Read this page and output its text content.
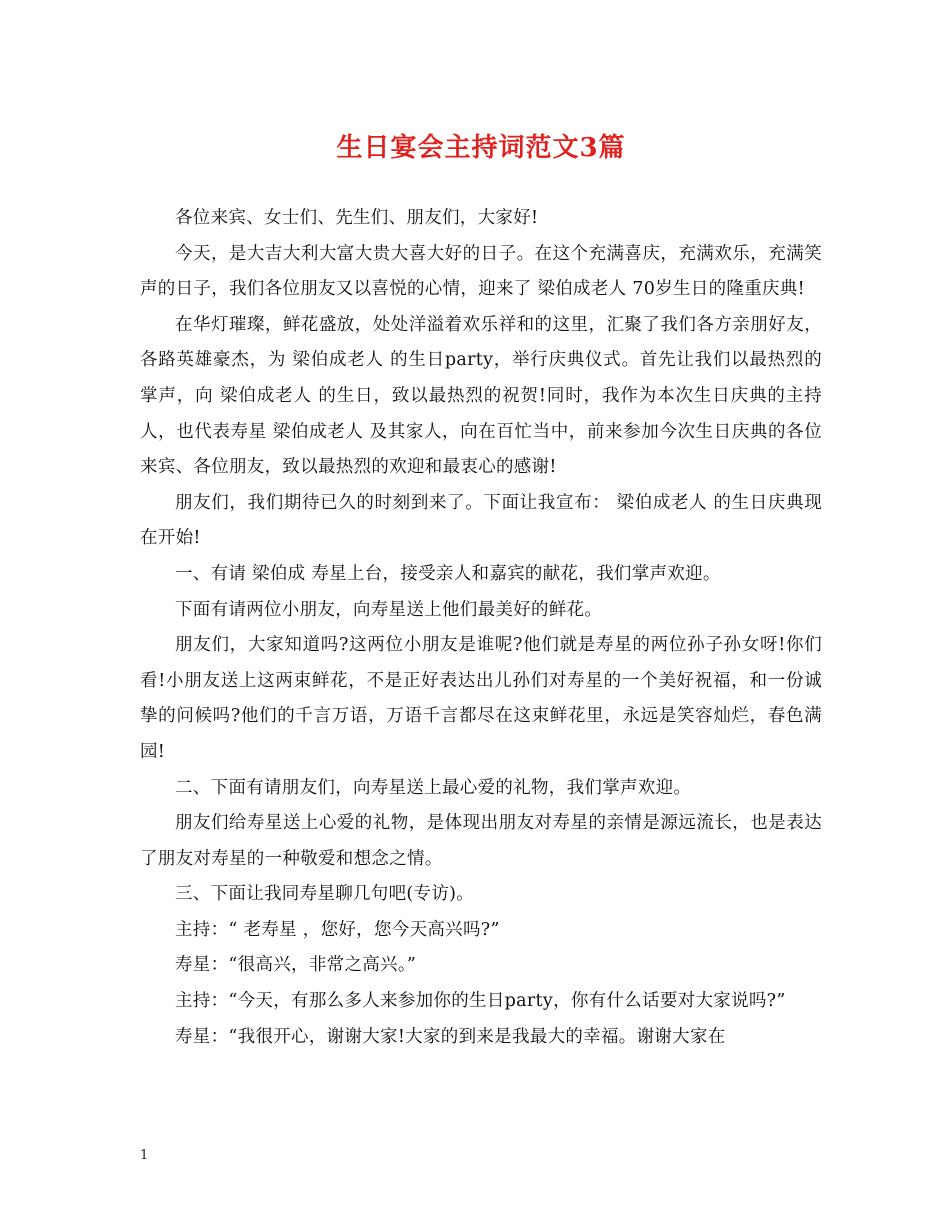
生日宴会主持词范文3篇

各位来宾、女士们、先生们、朋友们，大家好!

今天，是大吉大利大富大贵大喜大好的日子。在这个充满喜庆，充满欢乐，充满笑声的日子，我们各位朋友又以喜悦的心情，迎来了 梁伯成老人 70岁生日的隆重庆典!

在华灯璀璨，鲜花盛放，处处洋溢着欢乐祥和的这里，汇聚了我们各方亲朋好友，各路英雄豪杰，为 梁伯成老人 的生日party，举行庆典仪式。首先让我们以最热烈的掌声，向 梁伯成老人 的生日，致以最热烈的祝贺!同时，我作为本次生日庆典的主持人，也代表寿星 梁伯成老人 及其家人，向在百忙当中，前来参加今次生日庆典的各位来宾、各位朋友，致以最热烈的欢迎和最衷心的感谢!

朋友们，我们期待已久的时刻到来了。下面让我宣布： 梁伯成老人 的生日庆典现在开始!

一、有请 梁伯成 寿星上台，接受亲人和嘉宾的献花，我们掌声欢迎。

下面有请两位小朋友，向寿星送上他们最美好的鲜花。

朋友们，大家知道吗?这两位小朋友是谁呢?他们就是寿星的两位孙子孙女呀!你们看!小朋友送上这两束鲜花，不是正好表达出儿孙们对寿星的一个美好祝福，和一份诚挚的问候吗?他们的千言万语，万语千言都尽在这束鲜花里，永远是笑容灿烂，春色满园!

二、下面有请朋友们，向寿星送上最心爱的礼物，我们掌声欢迎。

朋友们给寿星送上心爱的礼物，是体现出朋友对寿星的亲情是源远流长，也是表达了朋友对寿星的一种敬爱和想念之情。

三、下面让我同寿星聊几句吧(专访)。

主持：“ 老寿星 ，您好，您今天高兴吗?”

寿星：“很高兴，非常之高兴。”

主持：“今天，有那么多人来参加你的生日party，你有什么话要对大家说吗?”

寿星：“我很开心，谢谢大家!大家的到来是我最大的幸福。谢谢大家在

1
